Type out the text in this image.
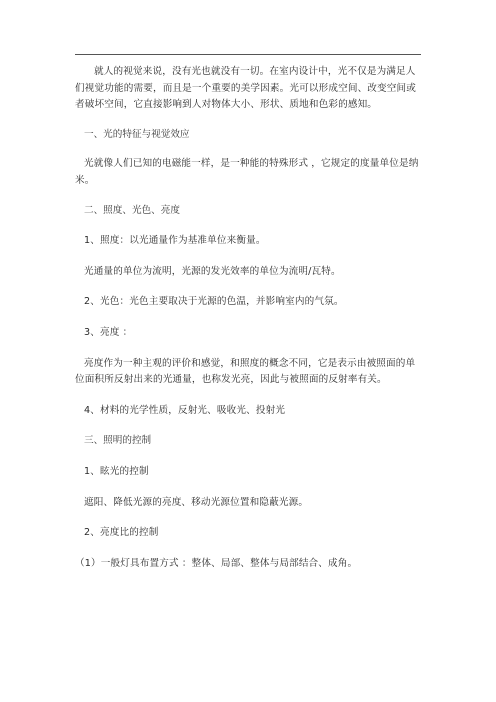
就人的视觉来说，没有光也就没有一切。在室内设计中，光不仅是为满足人们视觉功能的需要，而且是一个重要的美学因素。光可以形成空间、改变空间或者破坏空间，它直接影响到人对物体大小、形状、质地和色彩的感知。

一、光的特征与视觉效应

光就像人们已知的电磁能一样，是一种能的特殊形式 ，它规定的度量单位是纳米。

二、照度、光色、亮度

1、照度：以光通量作为基准单位来衡量。

光通量的单位为流明，光源的发光效率的单位为流明/瓦特。

2、光色：光色主要取决于光源的色温，并影响室内的气氛。

3、亮度 ：

亮度作为一种主观的评价和感觉，和照度的概念不同，它是表示由被照面的单位面积所反射出来的光通量，也称发光亮，因此与被照面的反射率有关。

4、材料的光学性质，反射光、吸收光、投射光

三、照明的控制

1、眩光的控制

遮阳、降低光源的亮度、移动光源位置和隐蔽光源。

2、亮度比的控制

（1）一般灯具布置方式 ：整体、局部、整体与局部结合、成角。
